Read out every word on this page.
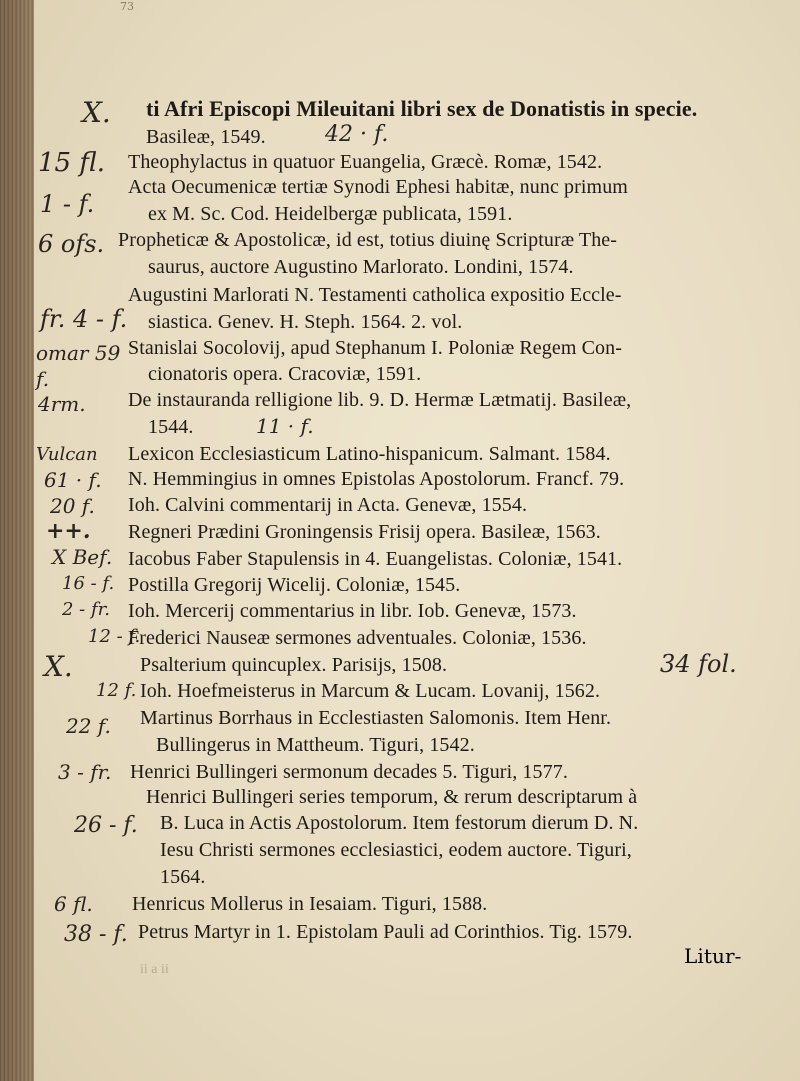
73
X. ti Afri Episcopi Mileuitani libri sex de Donatistis in specie.
Basileæ, 1549.	42 · f.
15 fl. Theophylactus in quatuor Euangelia, Græcè. Romæ, 1542.
1 - f.
Acta Oecumenicæ tertiæ Synodi Ephesi habitæ, nunc primum
ex M. Sc. Cod. Heidelbergæ publicata, 1591.
6 ofs. Propheticæ & Apostolicæ, id est, totius diuinę Scripturæ The-
saurus, auctore Augustino Marlorato. Londini, 1574.
fr. 4 - f.
Augustini Marlorati N. Testamenti catholica expositio Eccle-
siastica. Genev. H. Steph. 1564. 2. vol.
omar 59 f.
Stanislai Socolovij, apud Stephanum I. Poloniæ Regem Con-
cionatoris opera. Cracoviæ, 1591.
4rm. De instauranda relligione lib. 9. D. Hermæ Lætmatij. Basileæ,
1544.	11 · f.
Vulcan Lexicon Ecclesiasticum Latino-hispanicum. Salmant. 1584.
61 · f. N. Hemmingius in omnes Epistolas Apostolorum. Francf. 79.
20 f. Ioh. Calvini commentarij in Acta. Genevæ, 1554.
++. Regneri Prædini Groningensis Frisij opera. Basileæ, 1563.
X Bef. Iacobus Faber Stapulensis in 4. Euangelistas. Coloniæ, 1541.
16 - f. Postilla Gregorij Wicelij. Coloniæ, 1545.
2 - fr. Ioh. Mercerij commentarius in libr. Iob. Genevæ, 1573.
12 - f.
Frederici Nauseæ sermones adventuales. Coloniæ, 1536.
X.	Psalterium quincuplex. Parisijs, 1508.	34 fol.
12 f. Ioh. Hoefmeisterus in Marcum & Lucam. Lovanij, 1562.
22 f. Martinus Borrhaus in Ecclestiasten Salomonis. Item Henr.
Bullingerus in Mattheum. Tiguri, 1542.
3 - fr. Henrici Bullingeri sermonum decades 5. Tiguri, 1577.
26 - f.
Henrici Bullingeri series temporum, & rerum descriptarum à
B. Luca in Actis Apostolorum. Item festorum dierum D. N.
Iesu Christi sermones ecclesiastici, eodem auctore. Tiguri,
1564.
6 fl. Henricus Mollerus in Iesaiam. Tiguri, 1588.
38 - f. Petrus Martyr in 1. Epistolam Pauli ad Corinthios. Tig. 1579.
Litur-
ii a ii
